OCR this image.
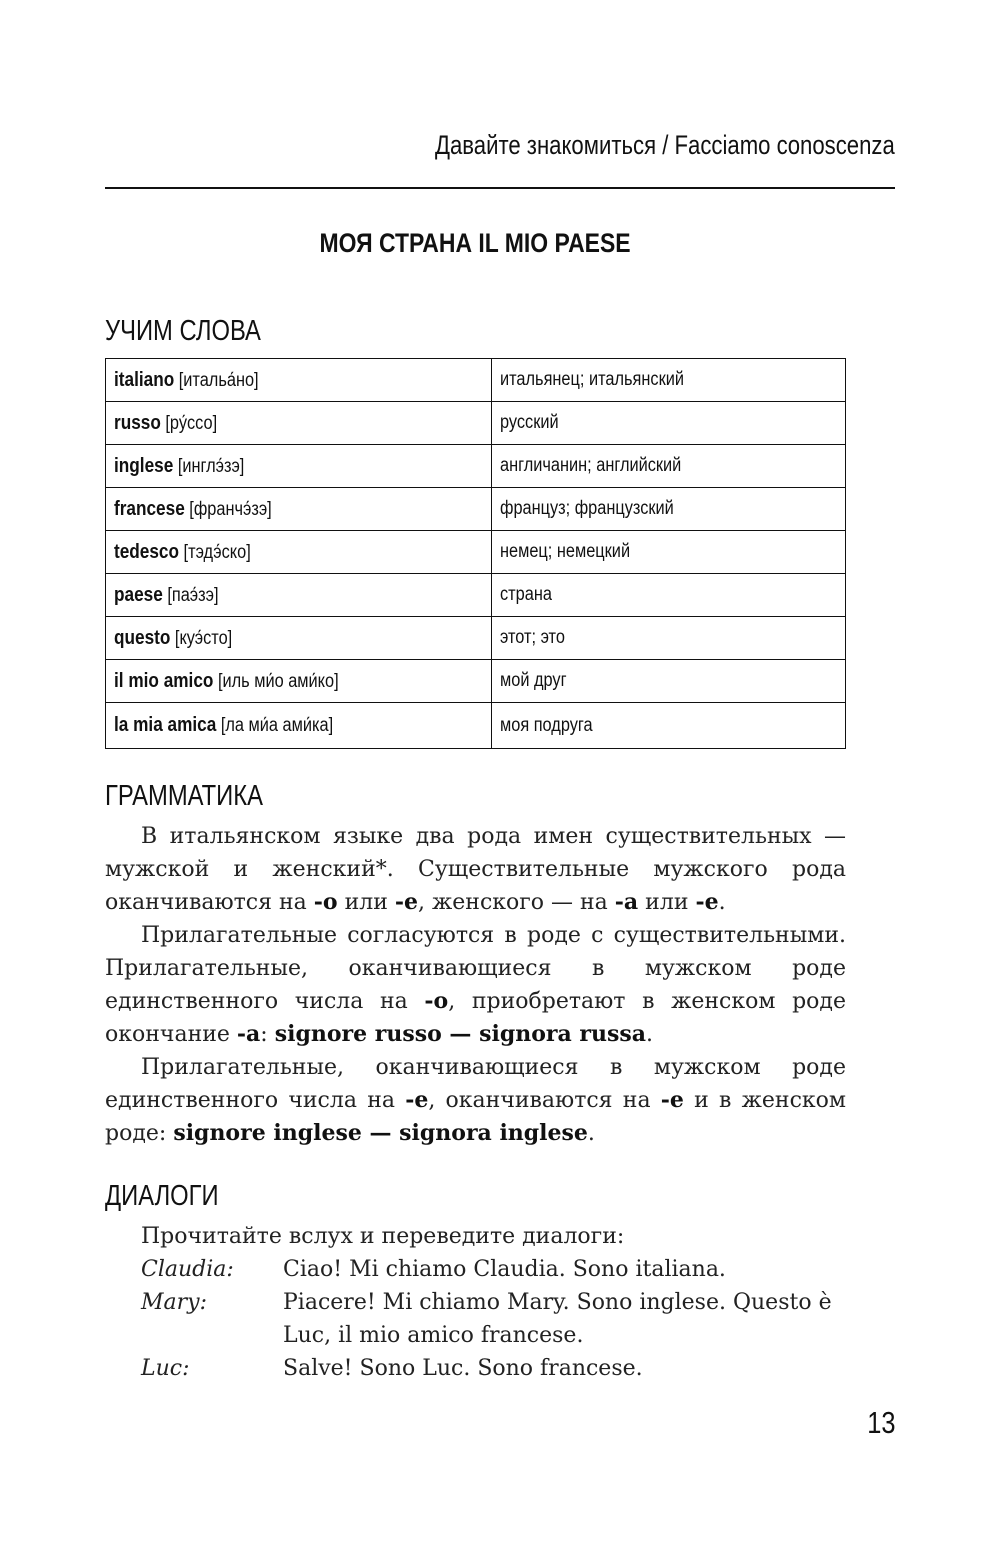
Давайте знакомиться / Facciamo conoscenza
МОЯ СТРАНА IL MIO PAESE
УЧИМ СЛОВА
italiano [итальа́но]	итальянец; итальянский
russo [ру́ссо]	русский
inglese [инглэ́зэ]	англичанин; английский
francese [франчэ́зэ]	француз; французский
tedesco [тэдэ́ско]	немец; немецкий
paese [паэ́зэ]	страна
questo [куэ́сто]	этот; это
il mio amico [иль ми́о ами́ко]	мой друг
la mia amica [ла ми́а ами́ка]	моя подруга
ГРАММАТИКА

В итальянском языке два рода имен существительных — мужской и женский*. Существительные мужского рода оканчиваются на -o или -e, женского — на -a или -e.

Прилагательные согласуются в роде с существительными. Прилагательные, оканчивающиеся в мужском роде единственного числа на -o, приобретают в женском роде окончание -a: signore russo — signora russa.

Прилагательные, оканчивающиеся в мужском роде единственного числа на -e, оканчиваются на -e и в женском роде: signore inglese — signora inglese.

ДИАЛОГИ
Прочитайте вслух и переведите диалоги:
Claudia:	Ciao! Mi chiamo Claudia. Sono italiana.
Mary:	Piacere! Mi chiamo Mary. Sono inglese. Questo è Luc, il mio amico francese.
Luc:	Salve! Sono Luc. Sono francese.
13
